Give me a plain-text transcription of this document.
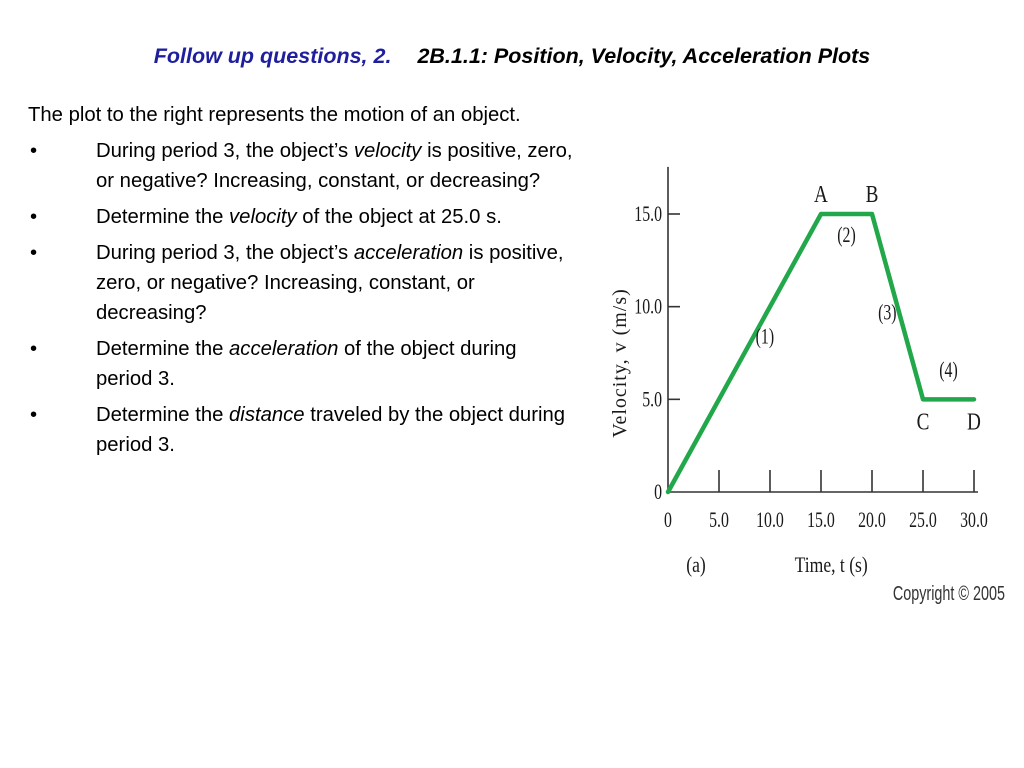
Follow up questions, 2. 2B.1.1: Position, Velocity, Acceleration Plots

The plot to the right represents the motion of an object.

•	During period 3, the object’s velocity is positive, zero, or negative? Increasing, constant, or decreasing?

•	Determine the velocity of the object at 25.0 s.

•	During period 3, the object’s acceleration is positive, zero, or negative? Increasing, constant, or decreasing?

•	Determine the acceleration of the object during period 3.

•	Determine the distance traveled by the object during period 3.

0
5.0
10.0
15.0
0 5.0 10.0 15.0 20.0 25.0 30.0
Velocity, v (m/s)
Time, t (s)
A B
C D
(1)
(2)
(3)
(4)
(a)
Copyright © 2005
